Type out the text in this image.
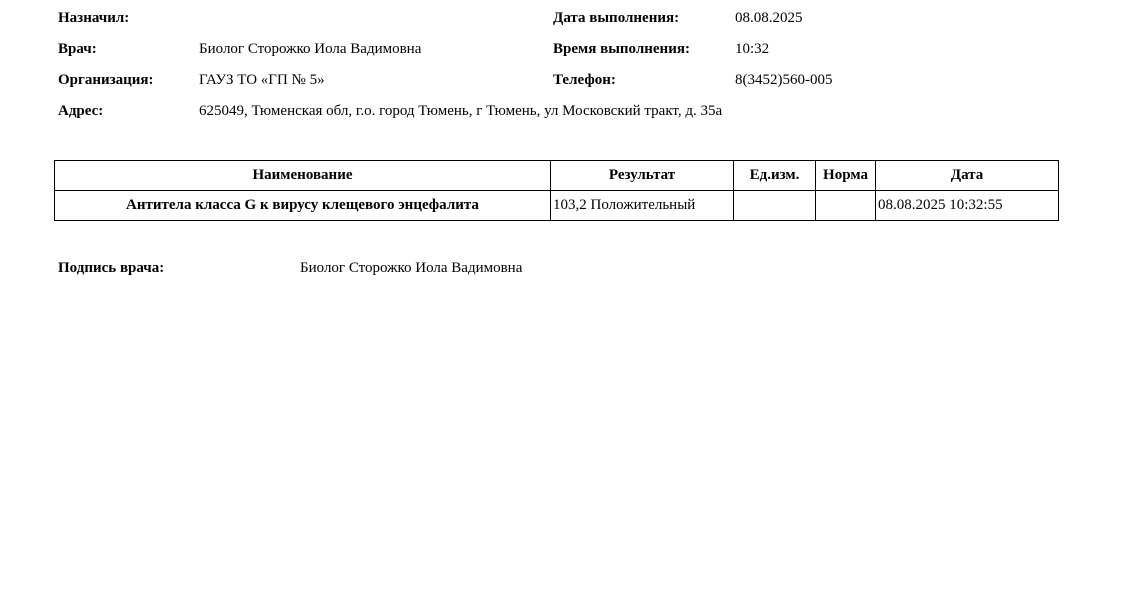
Назначил:
Врач:	Биолог Сторожко Иола Вадимовна
Организация:	ГАУЗ ТО «ГП № 5»
Адрес:	625049, Тюменская обл, г.о. город Тюмень, г Тюмень, ул Московский тракт, д. 35а
Дата выполнения:	08.08.2025
Время выполнения:	10:32
Телефон:	8(3452)560-005
Наименование	Результат	Ед.изм.	Норма	Дата
Антитела класса G к вирусу клещевого энцефалита	103,2 Положительный			08.08.2025 10:32:55
Подпись врача:	Биолог Сторожко Иола Вадимовна
